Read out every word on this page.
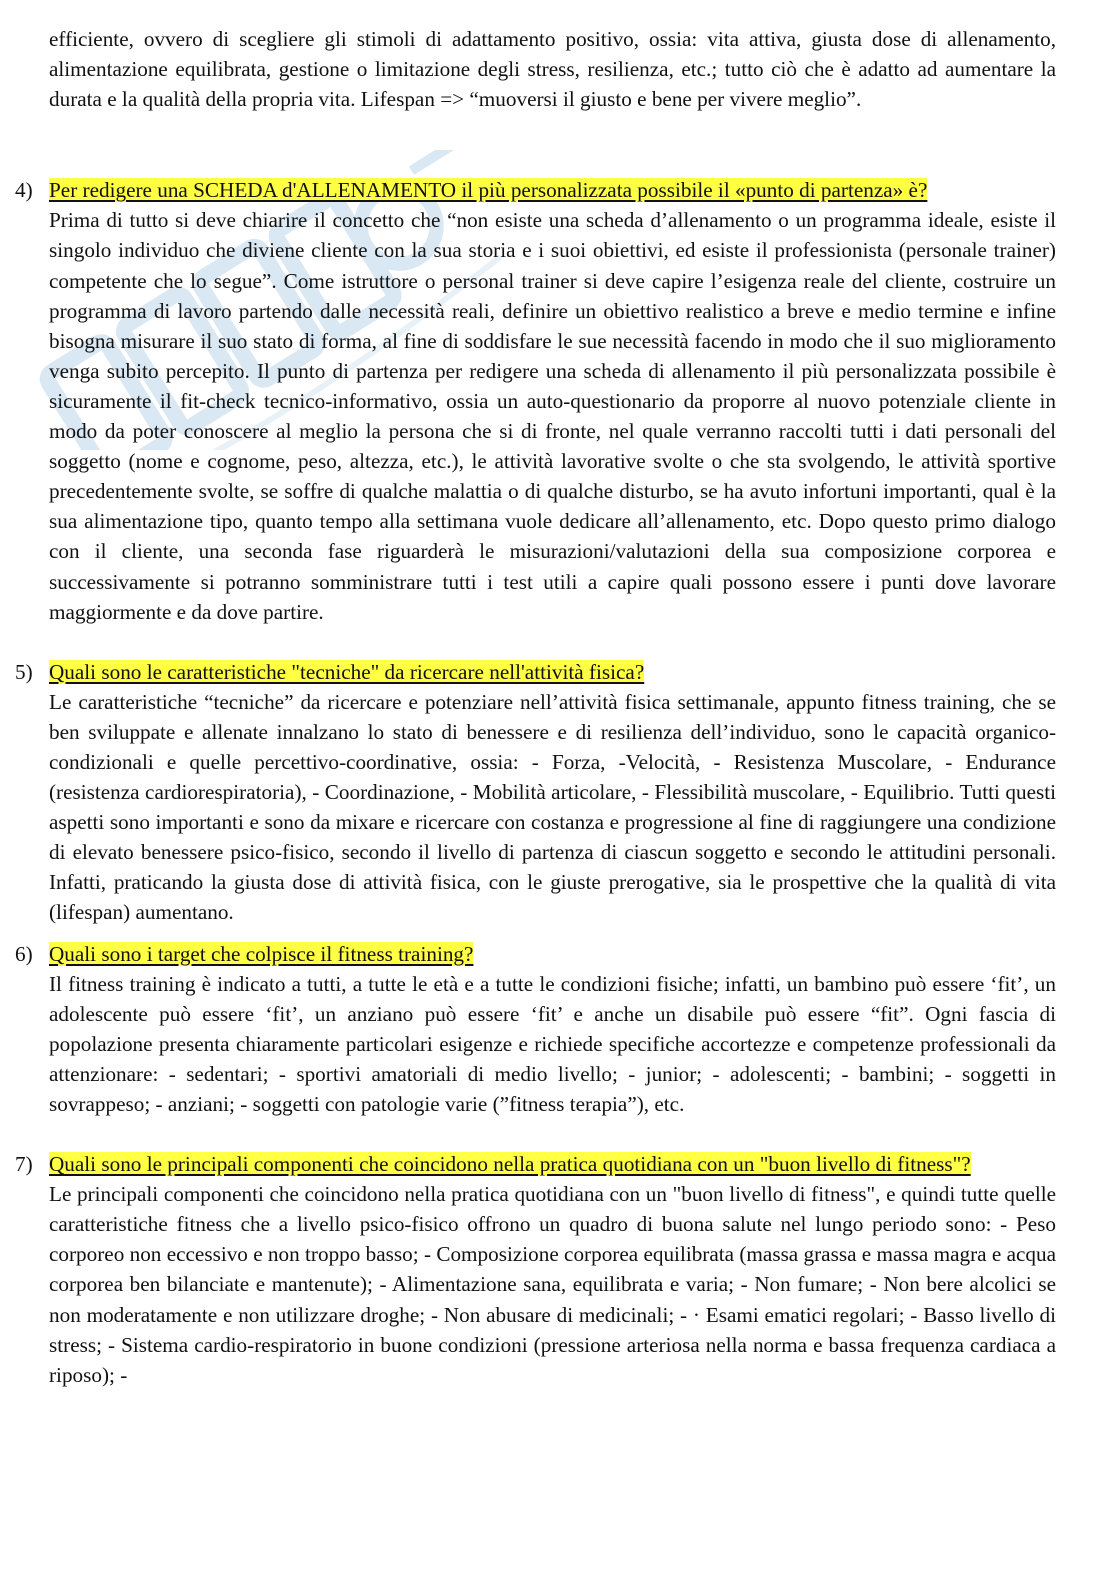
efficiente, ovvero di scegliere gli stimoli di adattamento positivo, ossia: vita attiva, giusta dose di allenamento, alimentazione equilibrata, gestione o limitazione degli stress, resilienza, etc.; tutto ciò che è adatto ad aumentare la durata e la qualità della propria vita. Lifespan => “muoversi il giusto e bene per vivere meglio”.

4) Per redigere una SCHEDA d'ALLENAMENTO il più personalizzata possibile il «punto di partenza» è?

Prima di tutto si deve chiarire il concetto che “non esiste una scheda d’allenamento o un programma ideale, esiste il singolo individuo che diviene cliente con la sua storia e i suoi obiettivi, ed esiste il professionista (personale trainer) competente che lo segue”. Come istruttore o personal trainer si deve capire l’esigenza reale del cliente, costruire un programma di lavoro partendo dalle necessità reali, definire un obiettivo realistico a breve e medio termine e infine bisogna misurare il suo stato di forma, al fine di soddisfare le sue necessità facendo in modo che il suo miglioramento venga subito percepito. Il punto di partenza per redigere una scheda di allenamento il più personalizzata possibile è sicuramente il fit-check tecnico-informativo, ossia un auto-questionario da proporre al nuovo potenziale cliente in modo da poter conoscere al meglio la persona che si di fronte, nel quale verranno raccolti tutti i dati personali del soggetto (nome e cognome, peso, altezza, etc.), le attività lavorative svolte o che sta svolgendo, le attività sportive precedentemente svolte, se soffre di qualche malattia o di qualche disturbo, se ha avuto infortuni importanti, qual è la sua alimentazione tipo, quanto tempo alla settimana vuole dedicare all’allenamento, etc. Dopo questo primo dialogo con il cliente, una seconda fase riguarderà le misurazioni/valutazioni della sua composizione corporea e successivamente si potranno somministrare tutti i test utili a capire quali possono essere i punti dove lavorare maggiormente e da dove partire.

5) Quali sono le caratteristiche "tecniche" da ricercare nell'attività fisica?

Le caratteristiche “tecniche” da ricercare e potenziare nell’attività fisica settimanale, appunto fitness training, che se ben sviluppate e allenate innalzano lo stato di benessere e di resilienza dell’individuo, sono le capacità organico-condizionali e quelle percettivo-coordinative, ossia: - Forza, -Velocità, - Resistenza Muscolare, - Endurance (resistenza cardiorespiratoria), - Coordinazione, - Mobilità articolare, - Flessibilità muscolare, - Equilibrio. Tutti questi aspetti sono importanti e sono da mixare e ricercare con costanza e progressione al fine di raggiungere una condizione di elevato benessere psico-fisico, secondo il livello di partenza di ciascun soggetto e secondo le attitudini personali. Infatti, praticando la giusta dose di attività fisica, con le giuste prerogative, sia le prospettive che la qualità di vita (lifespan) aumentano.

6) Quali sono i target che colpisce il fitness training?

Il fitness training è indicato a tutti, a tutte le età e a tutte le condizioni fisiche; infatti, un bambino può essere ‘fit’, un adolescente può essere ‘fit’, un anziano può essere ‘fit’ e anche un disabile può essere “fit”. Ogni fascia di popolazione presenta chiaramente particolari esigenze e richiede specifiche accortezze e competenze professionali da attenzionare: - sedentari; - sportivi amatoriali di medio livello; - junior; - adolescenti; - bambini; - soggetti in sovrappeso; - anziani; - soggetti con patologie varie (”fitness terapia”), etc.

7) Quali sono le principali componenti che coincidono nella pratica quotidiana con un "buon livello di fitness"?

Le principali componenti che coincidono nella pratica quotidiana con un "buon livello di fitness", e quindi tutte quelle caratteristiche fitness che a livello psico-fisico offrono un quadro di buona salute nel lungo periodo sono: - Peso corporeo non eccessivo e non troppo basso; - Composizione corporea equilibrata (massa grassa e massa magra e acqua corporea ben bilanciate e mantenute); - Alimentazione sana, equilibrata e varia; - Non fumare; - Non bere alcolici se non moderatamente e non utilizzare droghe; - Non abusare di medicinali; - · Esami ematici regolari; - Basso livello di stress; - Sistema cardio-respiratorio in buone condizioni (pressione arteriosa nella norma e bassa frequenza cardiaca a riposo); -
